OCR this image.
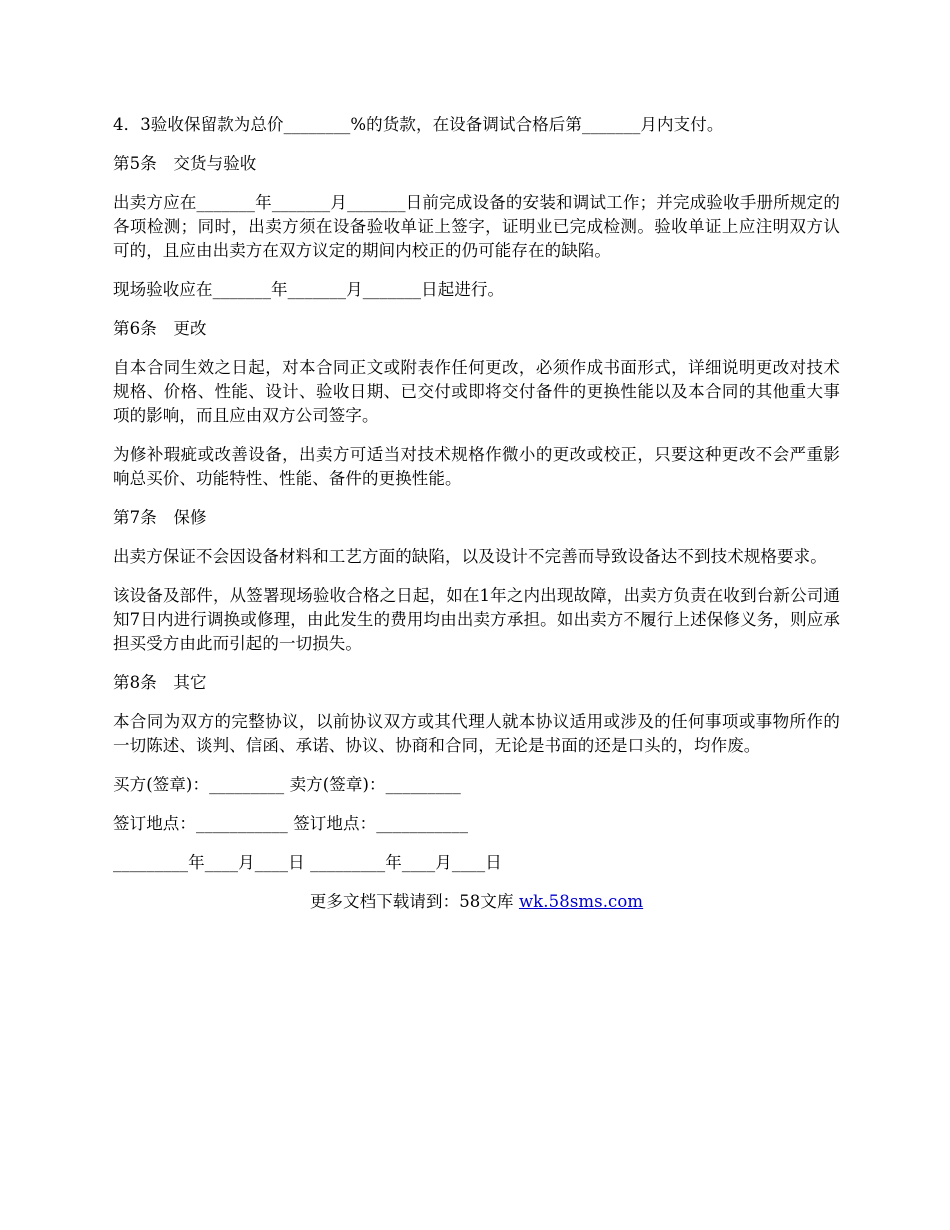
4．3验收保留款为总价________%的货款，在设备调试合格后第_______月内支付。

第5条　交货与验收

出卖方应在_______年_______月_______日前完成设备的安装和调试工作；并完成验收手册所规定的各项检测；同时，出卖方须在设备验收单证上签字，证明业已完成检测。验收单证上应注明双方认可的，且应由出卖方在双方议定的期间内校正的仍可能存在的缺陷。

现场验收应在_______年_______月_______日起进行。

第6条　更改

自本合同生效之日起，对本合同正文或附表作任何更改，必须作成书面形式，详细说明更改对技术规格、价格、性能、设计、验收日期、已交付或即将交付备件的更换性能以及本合同的其他重大事项的影响，而且应由双方公司签字。

为修补瑕疵或改善设备，出卖方可适当对技术规格作微小的更改或校正，只要这种更改不会严重影响总买价、功能特性、性能、备件的更换性能。

第7条　保修

出卖方保证不会因设备材料和工艺方面的缺陷，以及设计不完善而导致设备达不到技术规格要求。

该设备及部件，从签署现场验收合格之日起，如在1年之内出现故障，出卖方负责在收到台新公司通知7日内进行调换或修理，由此发生的费用均由出卖方承担。如出卖方不履行上述保修义务，则应承担买受方由此而引起的一切损失。

第8条　其它

本合同为双方的完整协议，以前协议双方或其代理人就本协议适用或涉及的任何事项或事物所作的一切陈述、谈判、信函、承诺、协议、协商和合同，无论是书面的还是口头的，均作废。

买方(签章)：_________ 卖方(签章)：_________

签订地点：___________ 签订地点：___________

_________年____月____日 _________年____月____日

更多文档下载请到：58文库 wk.58sms.com
